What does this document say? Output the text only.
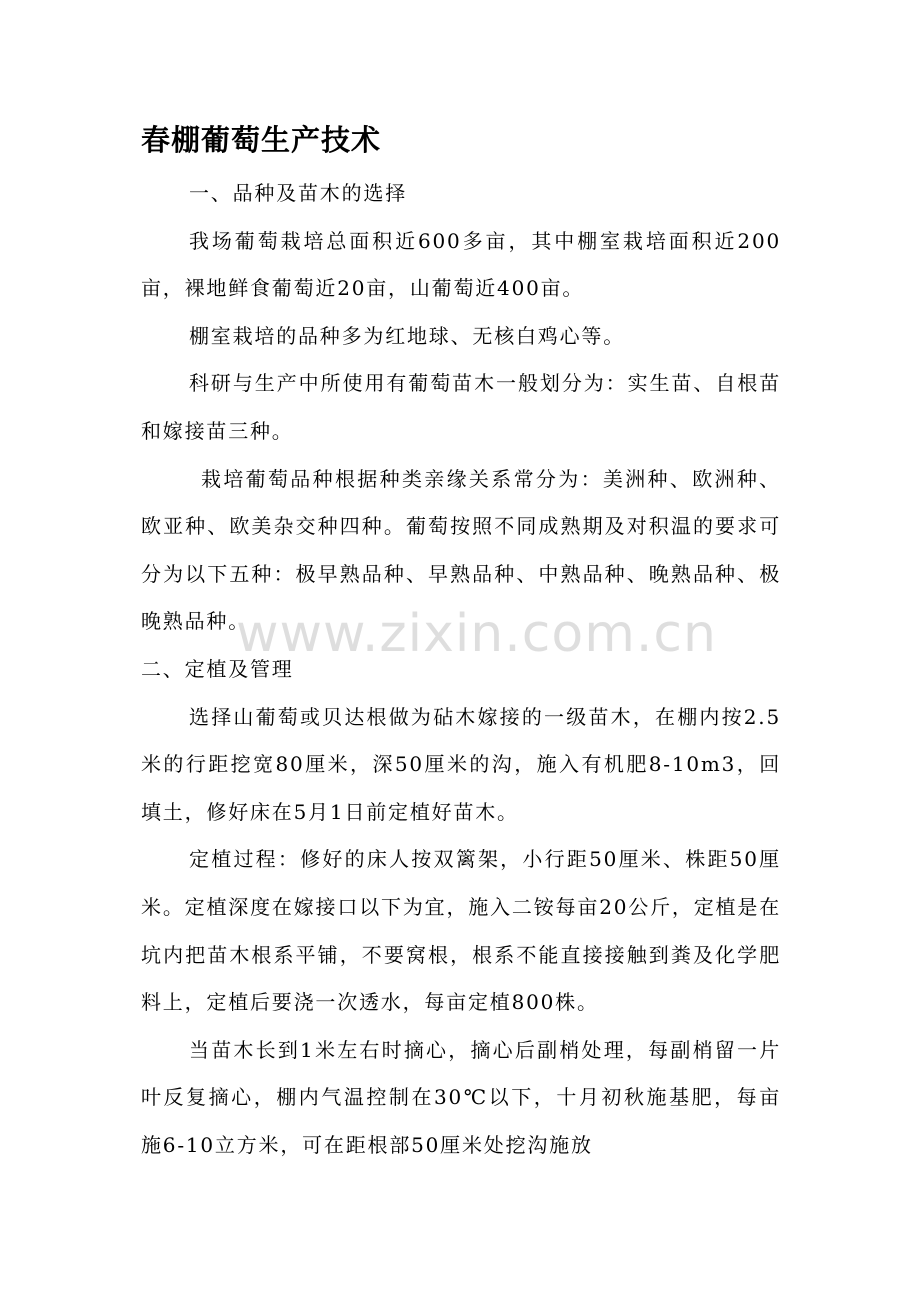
春棚葡萄生产技术

一、品种及苗木的选择

我场葡萄栽培总面积近600多亩，其中棚室栽培面积近200亩，裸地鲜食葡萄近20亩，山葡萄近400亩。

棚室栽培的品种多为红地球、无核白鸡心等。

科研与生产中所使用有葡萄苗木一般划分为：实生苗、自根苗和嫁接苗三种。

栽培葡萄品种根据种类亲缘关系常分为：美洲种、欧洲种、欧亚种、欧美杂交种四种。葡萄按照不同成熟期及对积温的要求可分为以下五种：极早熟品种、早熟品种、中熟品种、晚熟品种、极晚熟品种。

二、定植及管理

选择山葡萄或贝达根做为砧木嫁接的一级苗木，在棚内按2.5米的行距挖宽80厘米，深50厘米的沟，施入有机肥8-10m3，回填土，修好床在5月1日前定植好苗木。

定植过程：修好的床人按双篱架，小行距50厘米、株距50厘米。定植深度在嫁接口以下为宜，施入二铵每亩20公斤，定植是在坑内把苗木根系平铺，不要窝根，根系不能直接接触到粪及化学肥料上，定植后要浇一次透水，每亩定植800株。

当苗木长到1米左右时摘心，摘心后副梢处理，每副梢留一片叶反复摘心，棚内气温控制在30℃以下，十月初秋施基肥，每亩施6-10立方米，可在距根部50厘米处挖沟施放

www.zixin.com.cn
